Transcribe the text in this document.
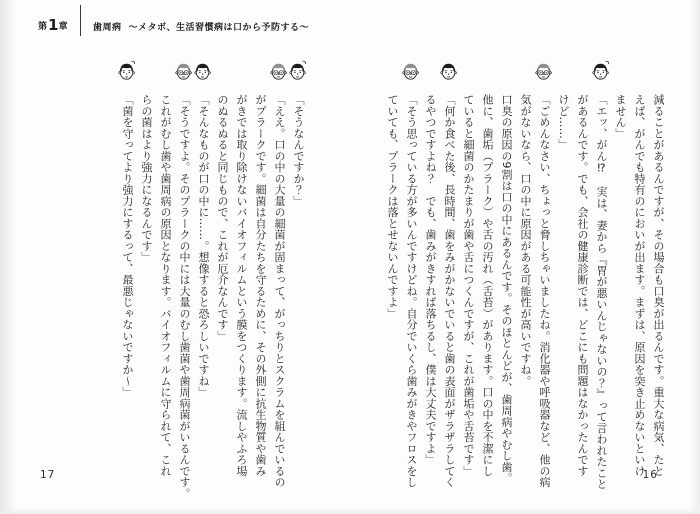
第1章	歯周病 〜メタボ、生活習慣病は口から予防する〜

減ることがあるんですが、その場合も口臭が出るんです。重大な病気、たと

えば、がんでも特有のにおいが出ます。まずは、原因を突き止めないといけ

ません」

「エッ、がん⁉　実は、妻から『胃が悪いんじゃないの？』って言われたこと

があるんです。でも、会社の健康診断では、どこにも問題はなかったんです

けど……」

「ごめんなさい、ちょっと脅しちゃいましたね。消化器や呼吸器など、他の病

気がないなら、口の中に原因がある可能性が高いですね。

口臭の原因の9割は口の中にあるんです。そのほとんどが、歯周病やむし歯。

他に、歯垢（プラーク）や舌の汚れ（舌苔）があります。口の中を不潔にし

ていると細菌のかたまりが歯や舌につくんですが、これが歯垢や舌苔です」

「何か食べた後、長時間、歯をみがかないでいると歯の表面がザラザラしてく

るやつですよね？　でも、歯みがきすれば落ちるし、僕は大丈夫ですよ」

「そう思っている方が多いんですけどね。自分でいくら歯みがきやフロスをし

ていても、プラークは落とせないんですよ」

「そうなんですか？」

「ええ。口の中の大量の細菌が固まって、がっちりとスクラムを組んでいるの

がプラークです。細菌は自分たちを守るために、その外側に抗生物質や歯み

がきでは取り除けないバイオフィルムという膜をつくります。流しやふろ場

のぬるぬると同じもので、これが厄介なんです」

「そんなものが口の中に……。想像すると恐ろしいですね」

「そうですよ。そのプラークの中には大量のむし歯菌や歯周病菌がいるんです。

これがむし歯や歯周病の原因となります。バイオフィルムに守られて、これ

らの菌はより強力になるんです」

「菌を守ってより強力にするって、最悪じゃないですか〜」

17	16
